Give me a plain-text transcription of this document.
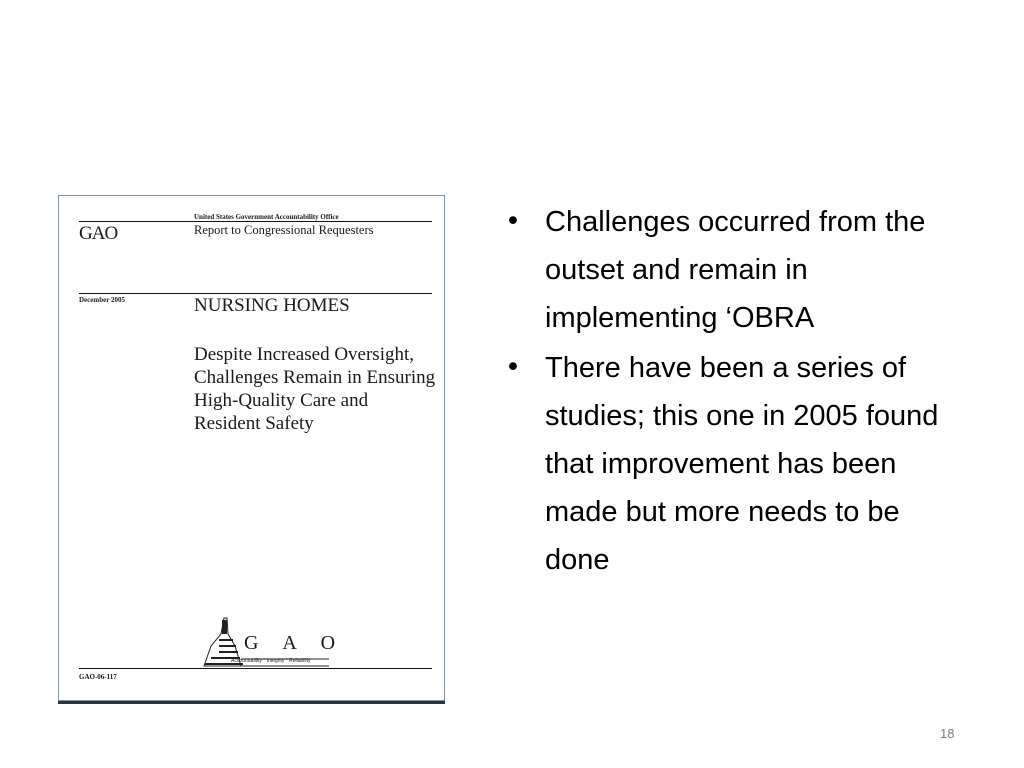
United States Government Accountability Office
GAO	Report to Congressional Requesters
December 2005	NURSING HOMES
Despite Increased Oversight, Challenges Remain in Ensuring High-Quality Care and Resident Safety
G A O
Accountability * Integrity * Reliability
GAO-06-117
• Challenges occurred from the outset and remain in implementing ‘OBRA
• There have been a series of studies; this one in 2005 found that improvement has been made but more needs to be done
18
